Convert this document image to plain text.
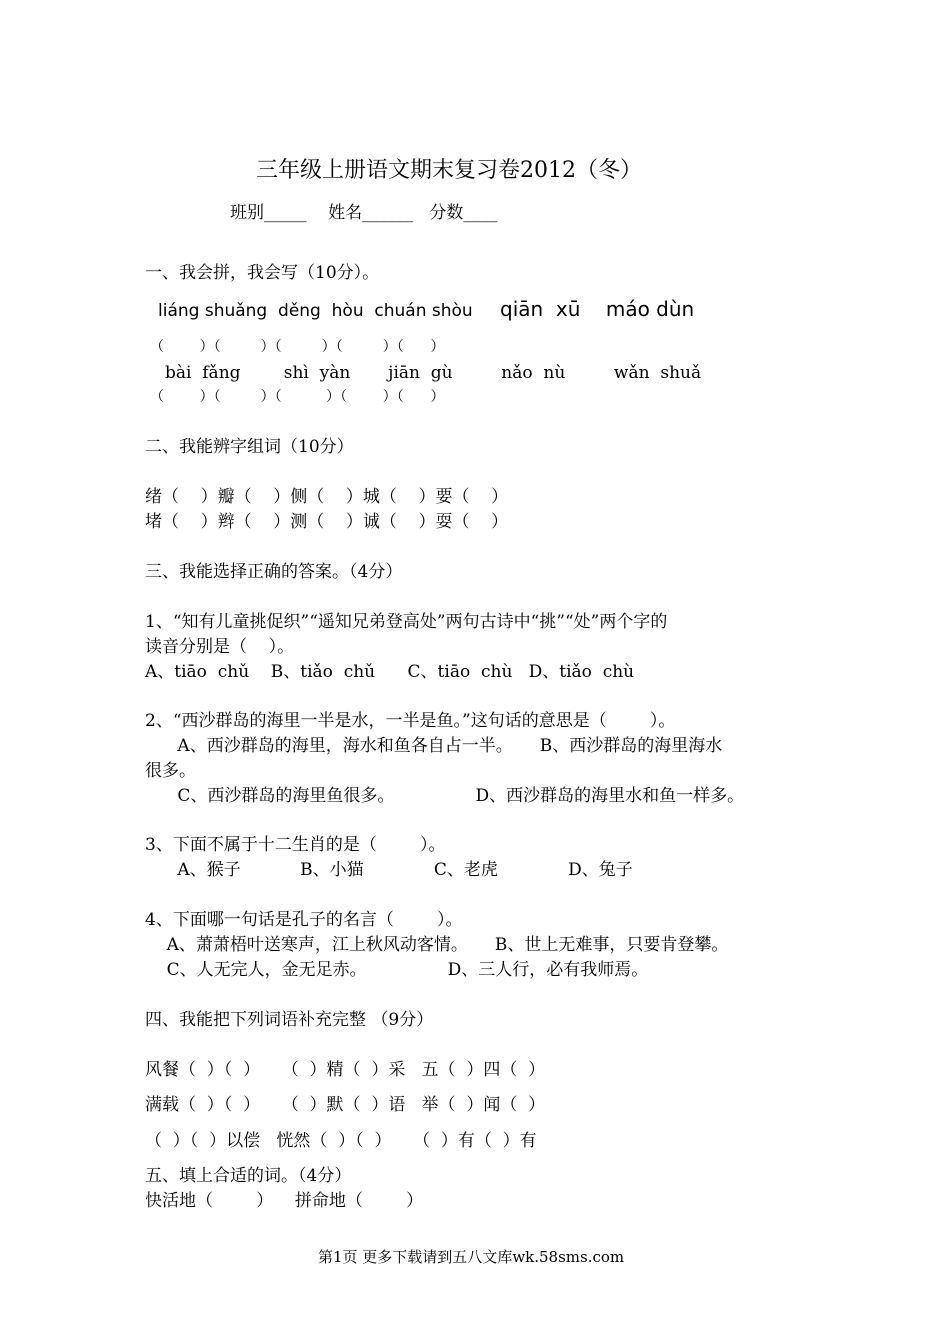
三年级上册语文期末复习卷2012（冬）
班别_____    姓名______   分数____
一、我会拼，我会写（10分）。
liáng shuǎng  děng  hòu  chuán shòu qiān  xū    máo dùn
（        ）（         ）（         ）（         ）（      ）
bài  fǎng        shì  yàn       jiān  gù         nǎo  nù         wǎn  shuǎ
（        ）（         ）（          ）（        ）（      ）
二、我能辨字组词（10分）
绪（    ）瓣（    ）侧（    ）城（    ）要（    ）
堵（    ）辫（    ）测（    ）诚（    ）耍（    ）
三、我能选择正确的答案。（4分）
1、“知有儿童挑促织”“遥知兄弟登高处”两句古诗中“挑”“处”两个字的
读音分别是（    ）。
A、tiāo  chǔ    B、tiǎo  chǔ      C、tiāo  chù   D、tiǎo  chù
2、“西沙群岛的海里一半是水，一半是鱼。”这句话的意思是（        ）。
A、西沙群岛的海里，海水和鱼各自占一半。     B、西沙群岛的海里海水
很多。
C、西沙群岛的海里鱼很多。               D、西沙群岛的海里水和鱼一样多。
3、下面不属于十二生肖的是（        ）。
A、猴子           B、小猫             C、老虎             D、兔子
4、下面哪一句话是孔子的名言（        ）。
A、萧萧梧叶送寒声，江上秋风动客情。     B、世上无难事，只要肯登攀。
C、人无完人，金无足赤。               D、三人行，必有我师焉。
四、我能把下列词语补充完整 （9分）
风餐（  ）（  ）    （  ）精（  ）采   五（  ）四（  ）
满载（  ）（  ）    （  ）默（  ）语   举（  ）闻（  ）
（  ）（  ）以偿   恍然（  ）（  ）    （  ）有（  ）有
五、填上合适的词。（4分）
快活地（        ）    拼命地（        ）
第1页 更多下载请到五八文库wk.58sms.com
